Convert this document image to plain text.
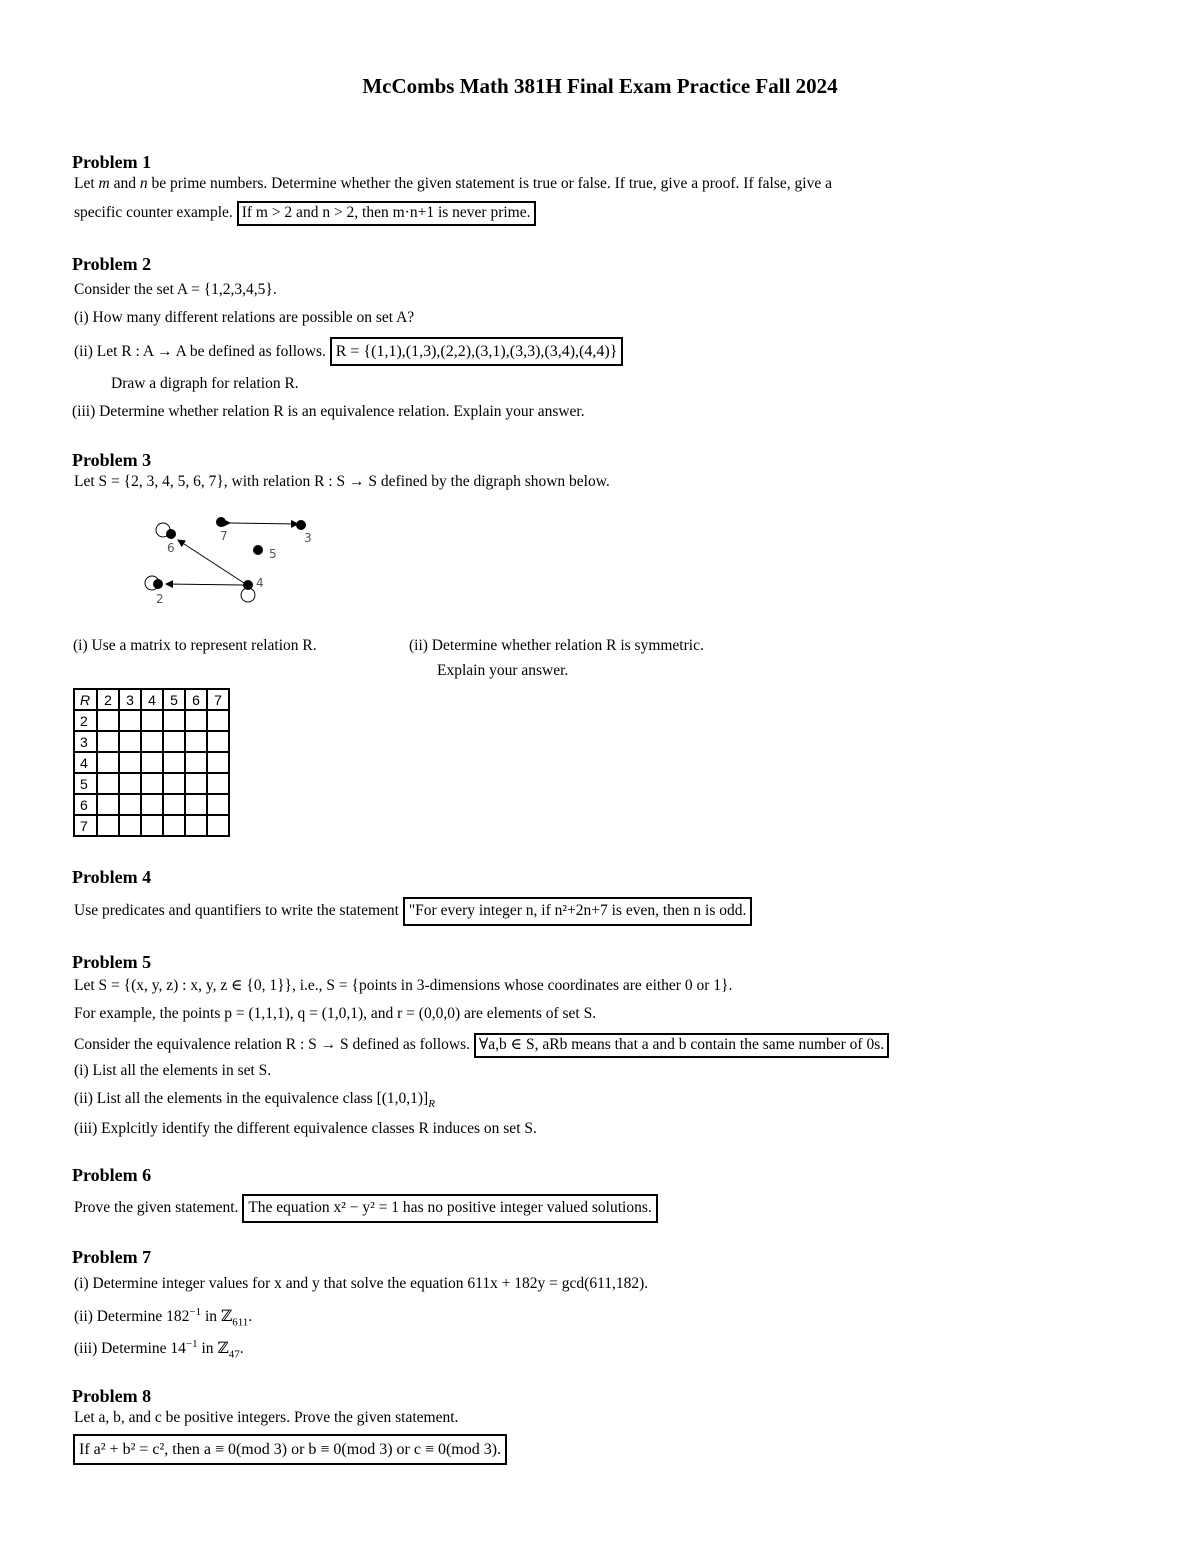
McCombs Math 381H Final Exam Practice Fall 2024
Problem 1
Let m and n be prime numbers. Determine whether the given statement is true or false. If true, give a proof. If false, give a
specific counter example. If m > 2 and n > 2, then m·n+1 is never prime.
Problem 2
Consider the set A = {1,2,3,4,5}.
(i) How many different relations are possible on set A?
(ii) Let R : A → A be defined as follows. R = {(1,1),(1,3),(2,2),(3,1),(3,3),(3,4),(4,4)}
Draw a digraph for relation R.
(iii) Determine whether relation R is an equivalence relation. Explain your answer.
Problem 3
Let S = {2, 3, 4, 5, 6, 7}, with relation R : S → S defined by the digraph shown below.
7	3
6	5
4
2
(i) Use a matrix to represent relation R.	(ii) Determine whether relation R is symmetric.
Explain your answer.
R	2	3	4	5	6	7
2						
3						
4						
5						
6						
7						
Problem 4
Use predicates and quantifiers to write the statement "For every integer n, if n²+2n+7 is even, then n is odd.
Problem 5
Let S = {(x, y, z) : x, y, z ∈ {0, 1}}, i.e., S = {points in 3-dimensions whose coordinates are either 0 or 1}.
For example, the points p = (1,1,1), q = (1,0,1), and r = (0,0,0) are elements of set S.
Consider the equivalence relation R : S → S defined as follows. ∀a,b ∈ S, aRb means that a and b contain the same number of 0s.
(i) List all the elements in set S.
(ii) List all the elements in the equivalence class $[(1,0,1)]_R$
(iii) Explcitly identify the different equivalence classes R induces on set S.
Problem 6
Prove the given statement. The equation x² − y² = 1 has no positive integer valued solutions.
Problem 7
(i) Determine integer values for x and y that solve the equation 611x + 182y = gcd(611,182).
(ii) Determine $182^{-1}$ in ℤ$_{611}$.
(iii) Determine $14^{-1}$ in ℤ$_{47}$.
Problem 8
Let a, b, and c be positive integers. Prove the given statement.
If a² + b² = c², then a ≡ 0(mod 3) or b ≡ 0(mod 3) or c ≡ 0(mod 3).
